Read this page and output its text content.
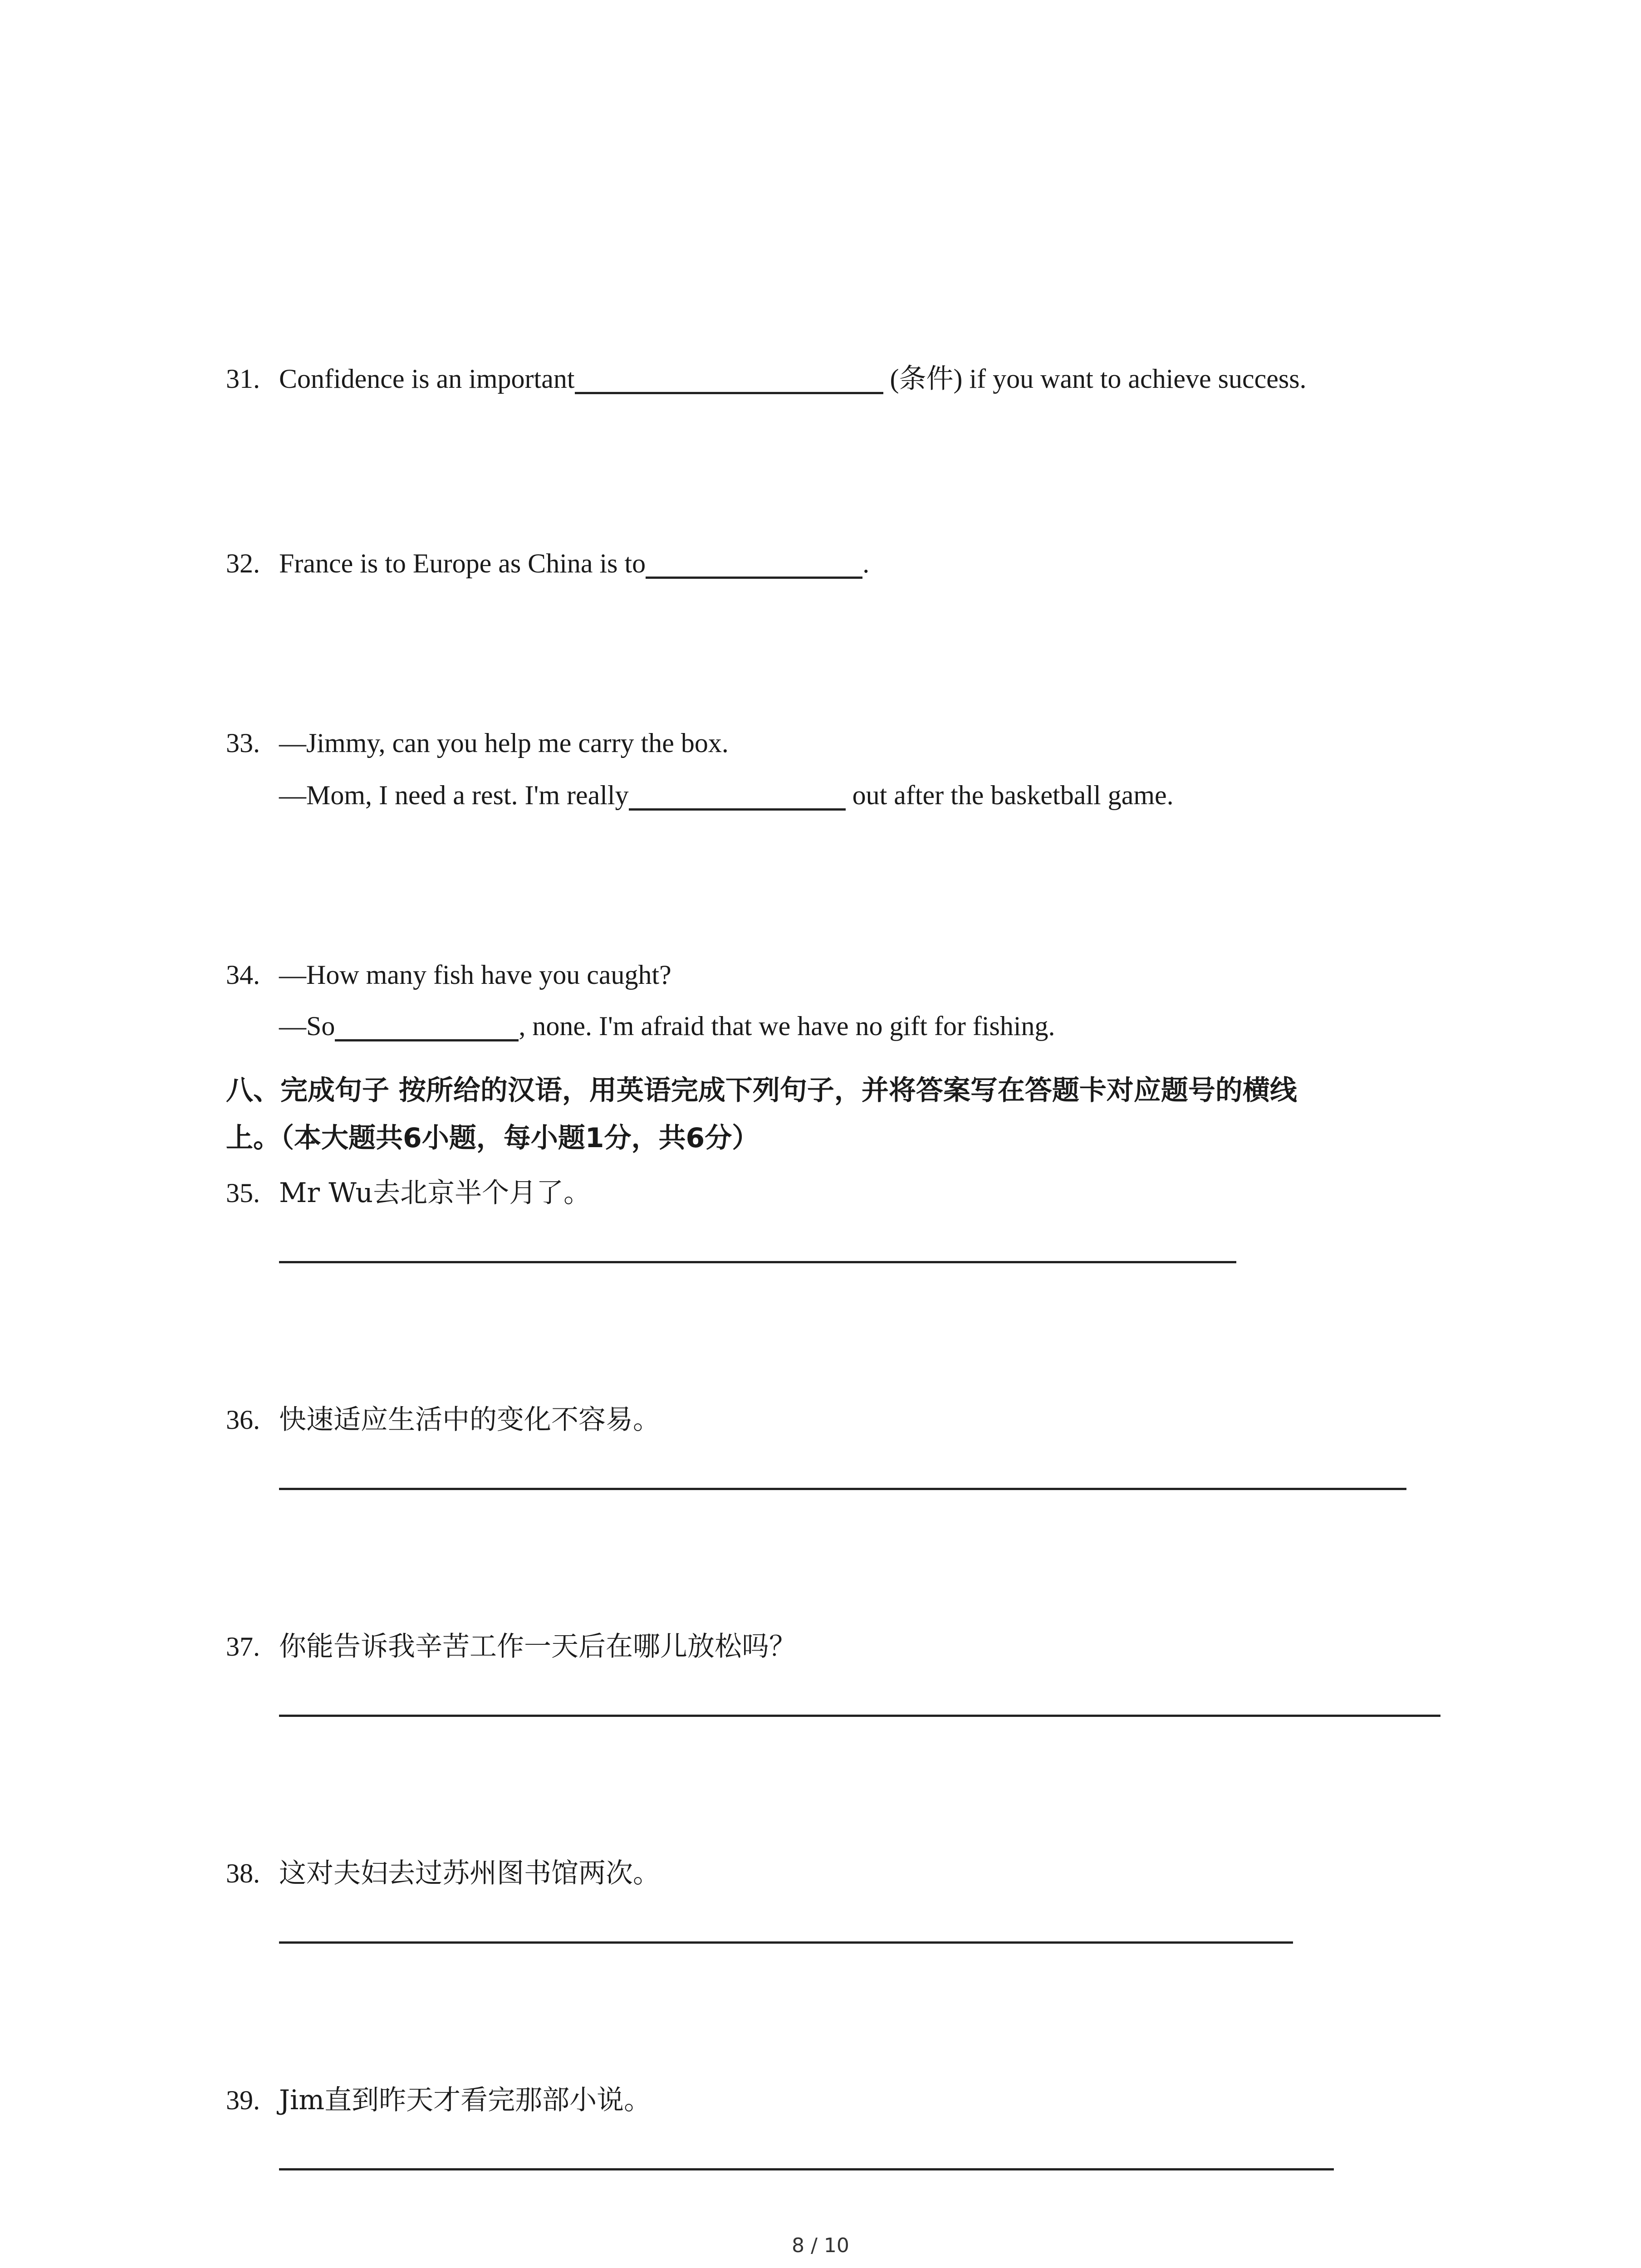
31. Confidence is an important	(条件) if you want to achieve success.
32. France is to Europe as China is to	.
33. —Jimmy, can you help me carry the box.
—Mom, I need a rest. I'm really	out after the basketball game.
34. —How many fish have you caught?
—So	, none. I'm afraid that we have no gift for fishing.
八、完成句子 按所给的汉语，用英语完成下列句子，并将答案写在答题卡对应题号的横线
上。（本大题共6小题，每小题1分，共6分）
35. Mr Wu去北京半个月了。
36. 快速适应生活中的变化不容易。
37. 你能告诉我辛苦工作一天后在哪儿放松吗？
38. 这对夫妇去过苏州图书馆两次。
39. Jim直到昨天才看完那部小说。
8 / 10
